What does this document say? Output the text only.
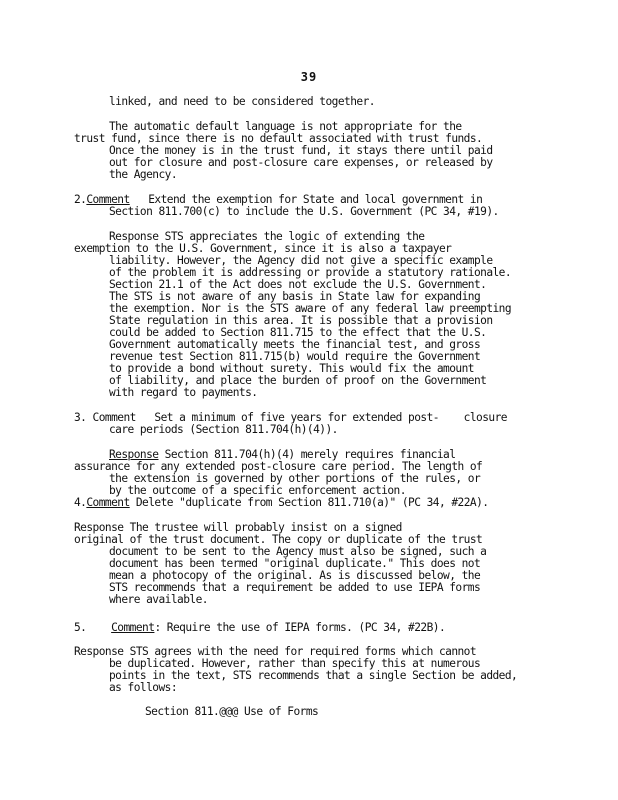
39
linked, and need to be considered together.
The automatic default language is not appropriate for the
trust fund, since there is no default associated with trust funds.
Once the money is in the trust fund, it stays there until paid
out for closure and post-closure care expenses, or released by
the Agency.
2.Comment Extend the exemption for State and local government in
Section 811.700(c) to include the U.S. Government (PC 34, #19).
Response STS appreciates the logic of extending the
exemption to the U.S. Government, since it is also a taxpayer
liability. However, the Agency did not give a specific example
of the problem it is addressing or provide a statutory rationale.
Section 21.1 of the Act does not exclude the U.S. Government.
The STS is not aware of any basis in State law for expanding
the exemption. Nor is the STS aware of any federal law preempting
State regulation in this area. It is possible that a provision
could be added to Section 811.715 to the effect that the U.S.
Government automatically meets the financial test, and gross
revenue test Section 811.715(b) would require the Government
to provide a bond without surety. This would fix the amount
of liability, and place the burden of proof on the Government
with regard to payments.
3. Comment   Set a minimum of five years for extended post-    closure
care periods (Section 811.704(h)(4)).
Response Section 811.704(h)(4) merely requires financial
assurance for any extended post-closure care period. The length of
the extension is governed by other portions of the rules, or
by the outcome of a specific enforcement action.
4.Comment Delete "duplicate from Section 811.710(a)" (PC 34, #22A).
Response The trustee will probably insist on a signed
original of the trust document. The copy or duplicate of the trust
document to be sent to the Agency must also be signed, such a
document has been termed "original duplicate." This does not
mean a photocopy of the original. As is discussed below, the
STS recommends that a requirement be added to use IEPA forms
where available.
5. Comment: Require the use of IEPA forms. (PC 34, #22B).
Response STS agrees with the need for required forms which cannot
be duplicated. However, rather than specify this at numerous
points in the text, STS recommends that a single Section be added,
as follows:
Section 811.@@@ Use of Forms
